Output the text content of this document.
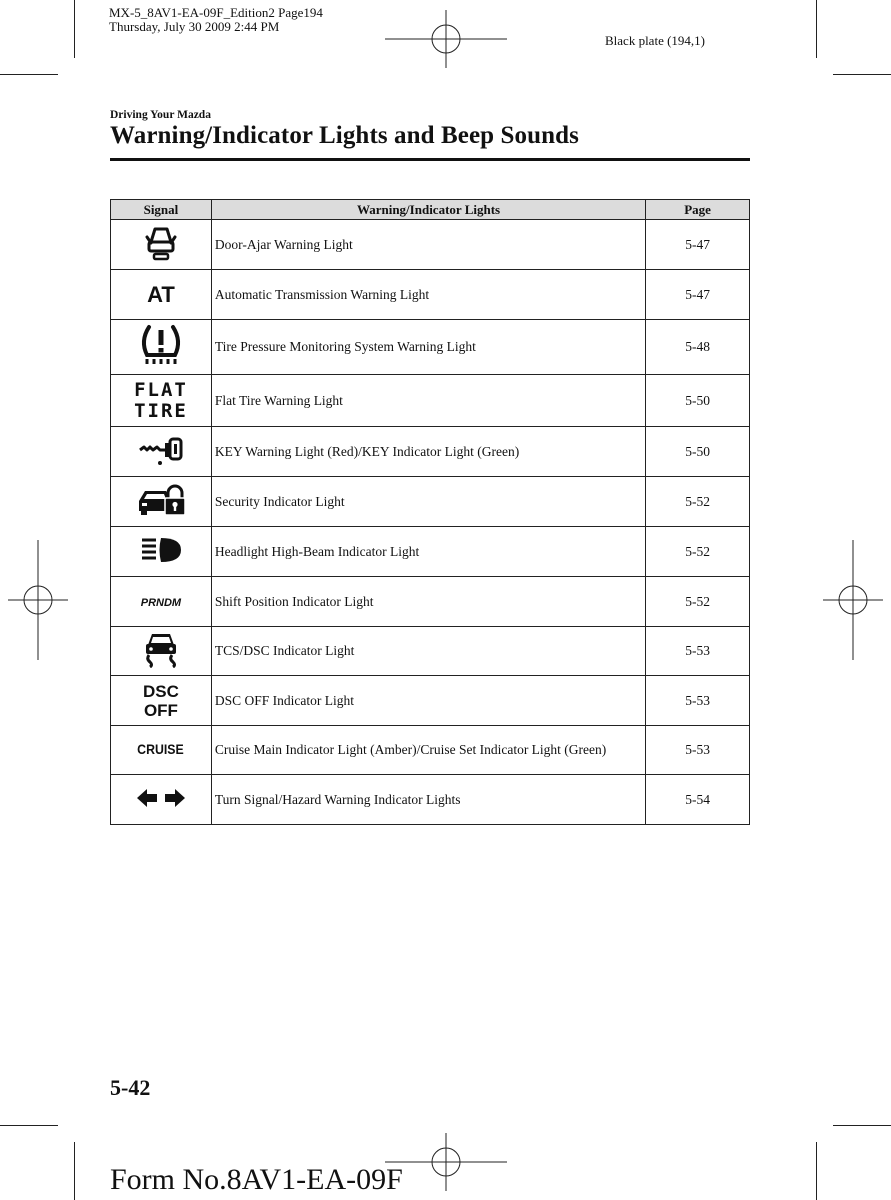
MX-5_8AV1-EA-09F_Edition2 Page194
Thursday, July 30 2009 2:44 PM
Black plate (194,1)
Driving Your Mazda
Warning/Indicator Lights and Beep Sounds
Signal	Warning/Indicator Lights	Page
	Door-Ajar Warning Light	5-47
AT	Automatic Transmission Warning Light	5-47
	Tire Pressure Monitoring System Warning Light	5-48

FLAT
TIRE	Flat Tire Warning Light	5-50
	KEY Warning Light (Red)/KEY Indicator Light (Green)	5-50
	Security Indicator Light	5-52
	Headlight High-Beam Indicator Light	5-52
PRNDM	Shift Position Indicator Light	5-52
	TCS/DSC Indicator Light	5-53

DSC
OFF	DSC OFF Indicator Light	5-53
CRUISE	Cruise Main Indicator Light (Amber)/Cruise Set Indicator Light (Green)	5-53
	Turn Signal/Hazard Warning Indicator Lights	5-54
5-42
Form No.8AV1-EA-09F
